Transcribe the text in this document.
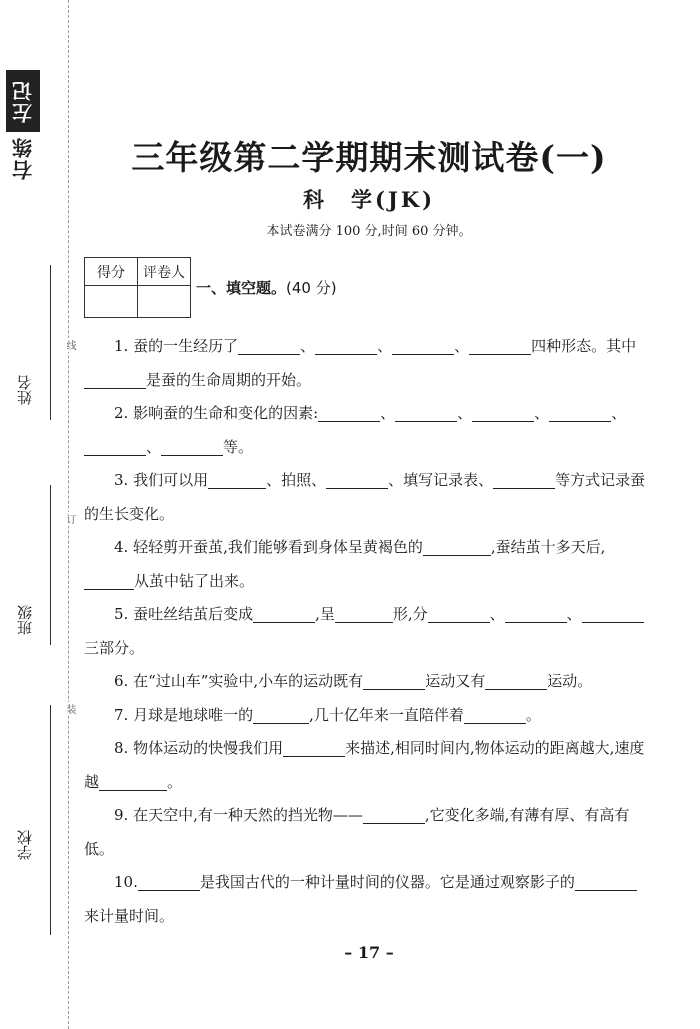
左记
右练
姓名
班级
学校
线
订
装
三年级第二学期期末测试卷(一)
科　学(JK)
本试卷满分 100 分,时间 60 分钟。
得分	评卷人

一、填空题。(40 分)

1. 蚕的一生经历了	、	、	、	四种形态。其中是蚕的生命周期的开始。

2. 影响蚕的生命和变化的因素:	、	、	、	、、	等。

3. 我们可以用	、拍照、	、填写记录表、	等方式记录蚕的生长变化。

4. 轻轻剪开蚕茧,我们能够看到身体呈黄褐色的	,蚕结茧十多天后,从茧中钻了出来。

5. 蚕吐丝结茧后变成	,呈	形,分	、	、三部分。

6. 在“过山车”实验中,小车的运动既有	运动又有	运动。

7. 月球是地球唯一的	,几十亿年来一直陪伴着	。

8. 物体运动的快慢我们用	来描述,相同时间内,物体运动的距离越大,速度越	。

9. 在天空中,有一种天然的挡光物——	,它变化多端,有薄有厚、有高有低。

10.	是我国古代的一种计量时间的仪器。它是通过观察影子的来计量时间。

– 17 –
